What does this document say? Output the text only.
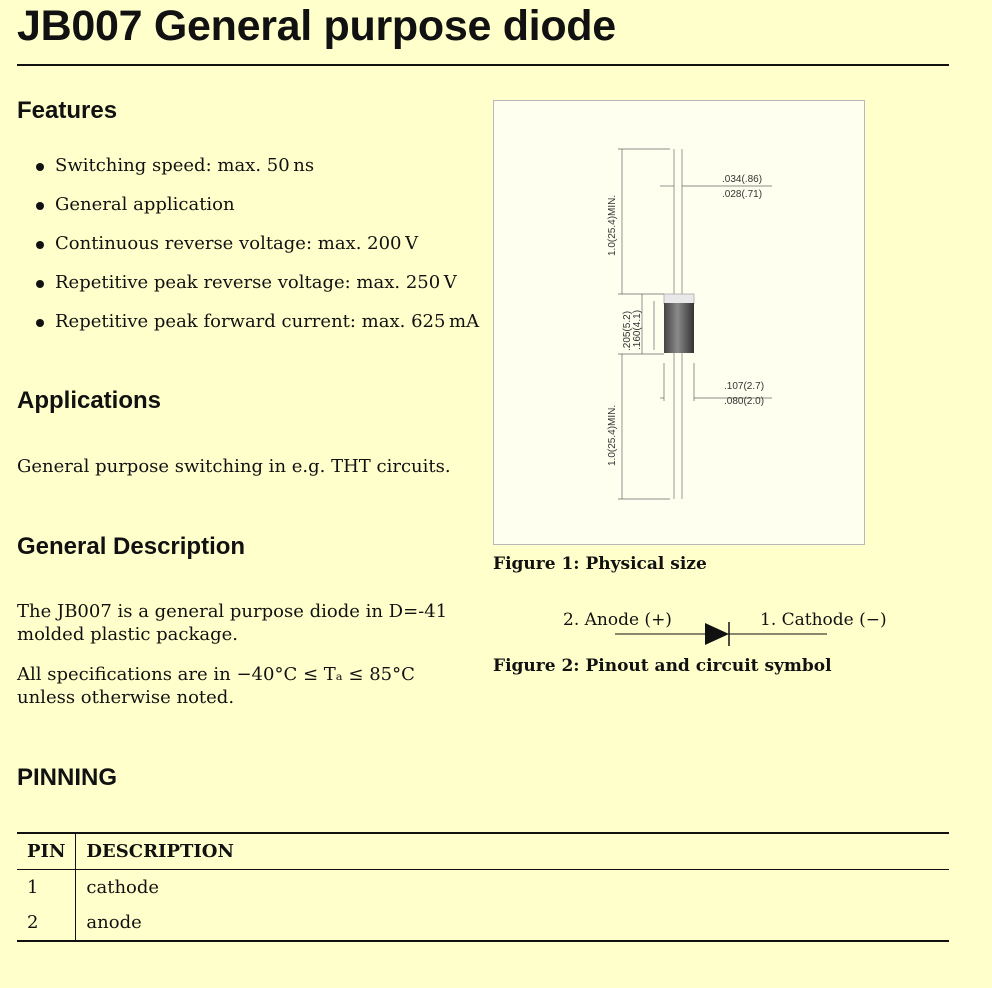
JB007 General purpose diode
Features
Switching speed: max. 50 ns
General application
Continuous reverse voltage: max. 200 V
Repetitive peak reverse voltage: max. 250 V
Repetitive peak forward current: max. 625 mA
Applications

General purpose switching in e.g. THT circuits.

General Description

The JB007 is a general purpose diode in D=-41 molded plastic package.

All specifications are in −40°C ≤ Tₐ ≤ 85°C unless otherwise noted.

1.0(25.4)MIN.
1.0(25.4)MIN.
.205(5.2) .160(4.1)
.034(.86)
.028(.71)
.107(2.7)
.080(2.0)

Figure 1: Physical size

2. Anode (+)	1. Cathode (−)

Figure 2: Pinout and circuit symbol

PINNING
PIN	DESCRIPTION
1	cathode
2	anode
